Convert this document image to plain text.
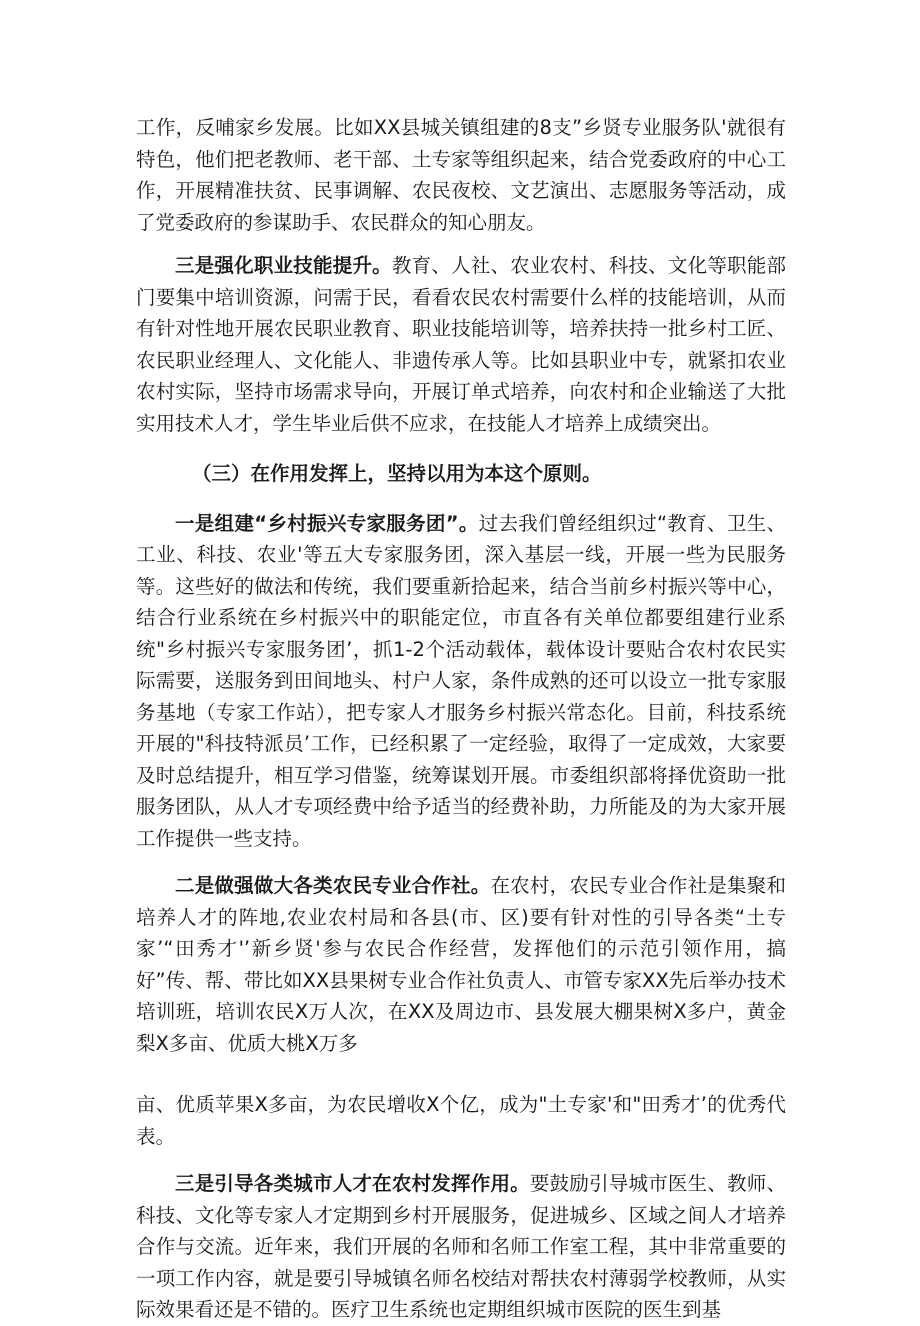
工作，反哺家乡发展。比如XX县城关镇组建的8支”乡贤专业服务队'就很有特色，他们把老教师、老干部、土专家等组织起来，结合党委政府的中心工作，开展精准扶贫、民事调解、农民夜校、文艺演出、志愿服务等活动，成了党委政府的参谋助手、农民群众的知心朋友。

三是强化职业技能提升。教育、人社、农业农村、科技、文化等职能部门要集中培训资源，问需于民，看看农民农村需要什么样的技能培训，从而有针对性地开展农民职业教育、职业技能培训等，培养扶持一批乡村工匠、农民职业经理人、文化能人、非遗传承人等。比如县职业中专，就紧扣农业农村实际，坚持市场需求导向，开展订单式培养，向农村和企业输送了大批实用技术人才，学生毕业后供不应求，在技能人才培养上成绩突出。

（三）在作用发挥上，坚持以用为本这个原则。

一是组建“乡村振兴专家服务团”。过去我们曾经组织过“教育、卫生、工业、科技、农业'等五大专家服务团，深入基层一线，开展一些为民服务等。这些好的做法和传统，我们要重新拾起来，结合当前乡村振兴等中心，结合行业系统在乡村振兴中的职能定位，市直各有关单位都要组建行业系统"乡村振兴专家服务团’，抓1-2个活动载体，载体设计要贴合农村农民实际需要，送服务到田间地头、村户人家，条件成熟的还可以设立一批专家服务基地（专家工作站），把专家人才服务乡村振兴常态化。目前，科技系统开展的"科技特派员’工作，已经积累了一定经验，取得了一定成效，大家要及时总结提升，相互学习借鉴，统筹谋划开展。市委组织部将择优资助一批服务团队，从人才专项经费中给予适当的经费补助，力所能及的为大家开展工作提供一些支持。

二是做强做大各类农民专业合作社。在农村，农民专业合作社是集聚和培养人才的阵地,农业农村局和各县(市、区)要有针对性的引导各类“土专家’“田秀才'’新乡贤'参与农民合作经营，发挥他们的示范引领作用，搞好”传、帮、带比如XX县果树专业合作社负责人、市管专家XX先后举办技术培训班，培训农民X万人次，在XX及周边市、县发展大棚果树X多户，黄金梨X多亩、优质大桃X万多

亩、优质苹果X多亩，为农民增收X个亿，成为"土专家'和"田秀才’的优秀代表。

三是引导各类城市人才在农村发挥作用。要鼓励引导城市医生、教师、科技、文化等专家人才定期到乡村开展服务，促进城乡、区域之间人才培养合作与交流。近年来，我们开展的名师和名师工作室工程，其中非常重要的一项工作内容，就是要引导城镇名师名校结对帮扶农村薄弱学校教师，从实际效果看还是不错的。医疗卫生系统也定期组织城市医院的医生到基
